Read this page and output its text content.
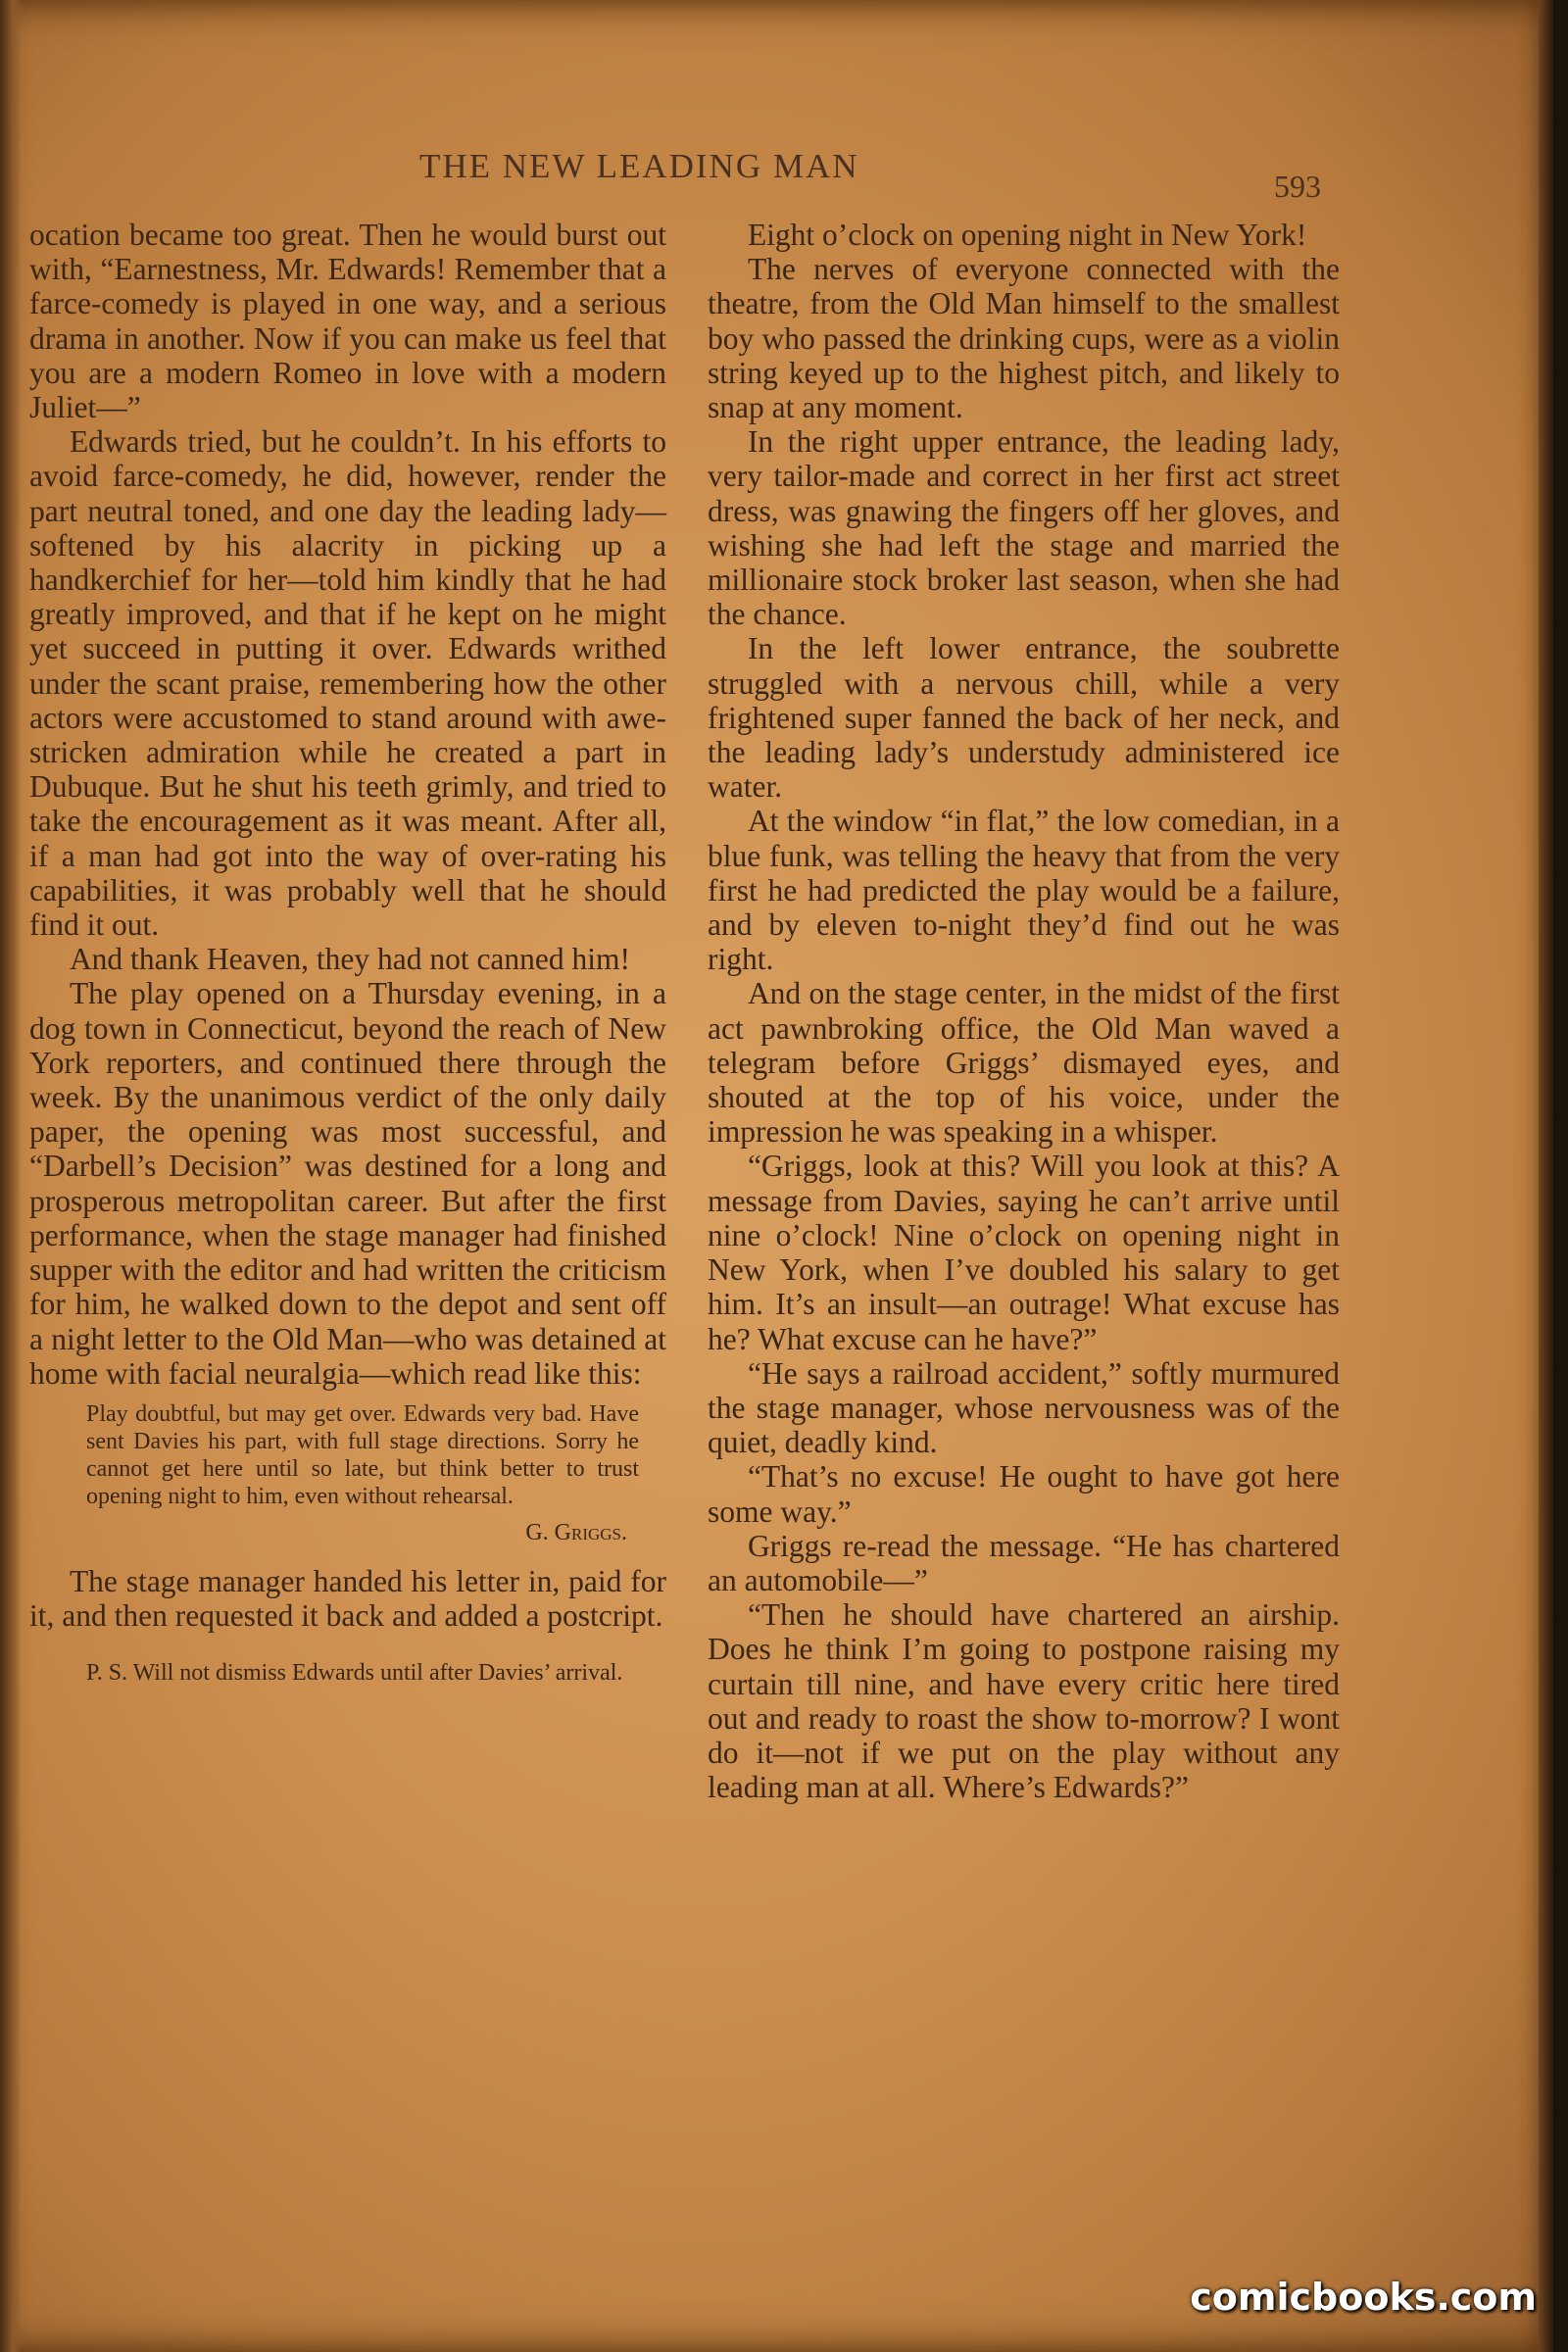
THE NEW LEADING MAN
593

ocation became too great. Then he would burst out with, “Earnestness, Mr. Edwards! Remember that a farce-comedy is played in one way, and a serious drama in another. Now if you can make us feel that you are a modern Romeo in love with a modern Juliet—”

Edwards tried, but he couldn’t. In his efforts to avoid farce-comedy, he did, however, render the part neutral toned, and one day the leading lady—softened by his alacrity in picking up a handkerchief for her—told him kindly that he had greatly improved, and that if he kept on he might yet succeed in putting it over. Edwards writhed under the scant praise, remembering how the other actors were accustomed to stand around with awe-stricken admiration while he created a part in Dubuque. But he shut his teeth grimly, and tried to take the encouragement as it was meant. After all, if a man had got into the way of over-rating his capabilities, it was probably well that he should find it out.

And thank Heaven, they had not canned him!

The play opened on a Thursday evening, in a dog town in Connecticut, beyond the reach of New York reporters, and continued there through the week. By the unanimous verdict of the only daily paper, the opening was most successful, and “Darbell’s Decision” was destined for a long and prosperous metropolitan career. But after the first performance, when the stage manager had finished supper with the editor and had written the criticism for him, he walked down to the depot and sent off a night letter to the Old Man—who was detained at home with facial neuralgia—which read like this:

Play doubtful, but may get over. Edwards very bad. Have sent Davies his part, with full stage directions. Sorry he cannot get here until so late, but think better to trust opening night to him, even without rehearsal.
G. Griggs.

The stage manager handed his letter in, paid for it, and then requested it back and added a postcript.

P. S. Will not dismiss Edwards until after Davies’ arrival.

Eight o’clock on opening night in New York!

The nerves of everyone connected with the theatre, from the Old Man himself to the smallest boy who passed the drinking cups, were as a violin string keyed up to the highest pitch, and likely to snap at any moment.

In the right upper entrance, the leading lady, very tailor-made and correct in her first act street dress, was gnawing the fingers off her gloves, and wishing she had left the stage and married the millionaire stock broker last season, when she had the chance.

In the left lower entrance, the soubrette struggled with a nervous chill, while a very frightened super fanned the back of her neck, and the leading lady’s understudy administered ice water.

At the window “in flat,” the low comedian, in a blue funk, was telling the heavy that from the very first he had predicted the play would be a failure, and by eleven to-night they’d find out he was right.

And on the stage center, in the midst of the first act pawnbroking office, the Old Man waved a telegram before Griggs’ dismayed eyes, and shouted at the top of his voice, under the impression he was speaking in a whisper.

“Griggs, look at this? Will you look at this? A message from Davies, saying he can’t arrive until nine o’clock! Nine o’clock on opening night in New York, when I’ve doubled his salary to get him. It’s an insult—an outrage! What excuse has he? What excuse can he have?”

“He says a railroad accident,” softly murmured the stage manager, whose nervousness was of the quiet, deadly kind.

“That’s no excuse! He ought to have got here some way.”

Griggs re-read the message. “He has chartered an automobile—”

“Then he should have chartered an airship. Does he think I’m going to postpone raising my curtain till nine, and have every critic here tired out and ready to roast the show to-morrow? I wont do it—not if we put on the play without any leading man at all. Where’s Edwards?”

comicbooks.com
